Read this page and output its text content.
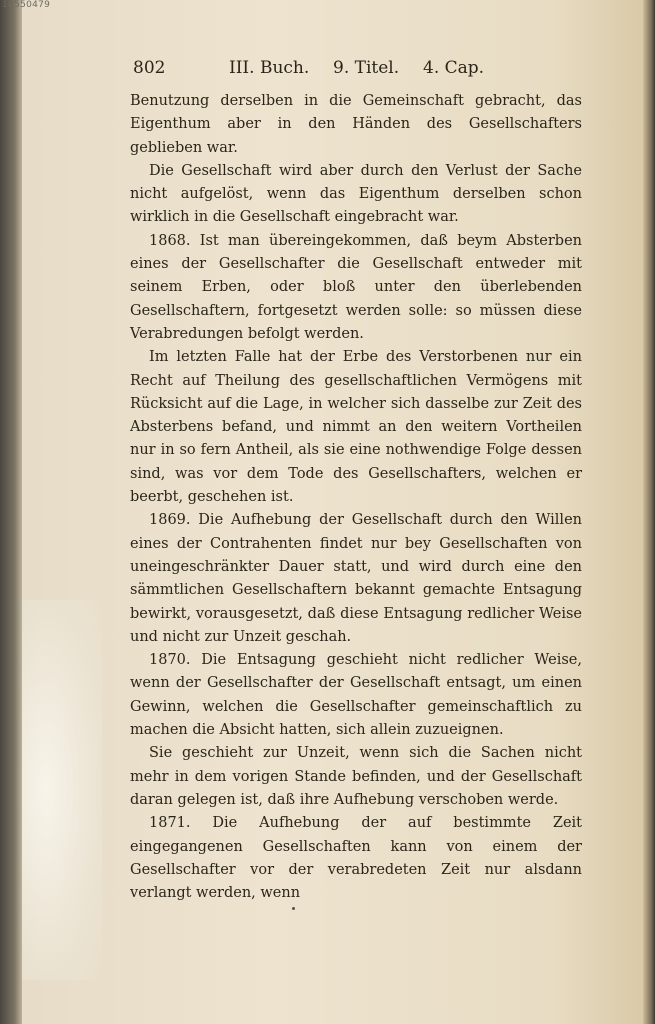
10550479
802	III. Buch. 9. Titel. 4. Cap.

Benutzung derselben in die Gemeinschaft gebracht, das Eigenthum aber in den Händen des Gesellschafters geblieben war.

Die Gesellschaft wird aber durch den Verlust der Sache nicht aufgelöst, wenn das Eigenthum derselben schon wirklich in die Gesellschaft eingebracht war.

1868. Ist man übereingekommen, daß beym Absterben eines der Gesellschafter die Gesellschaft entweder mit seinem Erben, oder bloß unter den überlebenden Gesellschaftern, fortgesetzt werden solle: so müssen diese Verabredungen befolgt werden.

Im letzten Falle hat der Erbe des Verstorbenen nur ein Recht auf Theilung des gesellschaftlichen Vermögens mit Rücksicht auf die Lage, in welcher sich dasselbe zur Zeit des Absterbens befand, und nimmt an den weitern Vortheilen nur in so fern Antheil, als sie eine nothwendige Folge dessen sind, was vor dem Tode des Gesellschafters, welchen er beerbt, geschehen ist.

1869. Die Aufhebung der Gesellschaft durch den Willen eines der Contrahenten findet nur bey Gesellschaften von uneingeschränkter Dauer statt, und wird durch eine den sämmtlichen Gesellschaftern bekannt gemachte Entsagung bewirkt, vorausgesetzt, daß diese Entsagung redlicher Weise und nicht zur Unzeit geschah.

1870. Die Entsagung geschieht nicht redlicher Weise, wenn der Gesellschafter der Gesellschaft entsagt, um einen Gewinn, welchen die Gesellschafter gemeinschaftlich zu machen die Absicht hatten, sich allein zuzueignen.

Sie geschieht zur Unzeit, wenn sich die Sachen nicht mehr in dem vorigen Stande befinden, und der Gesellschaft daran gelegen ist, daß ihre Aufhebung verschoben werde.

1871. Die Aufhebung der auf bestimmte Zeit eingegangenen Gesellschaften kann von einem der Gesellschafter vor der verabredeten Zeit nur alsdann verlangt werden, wenn
